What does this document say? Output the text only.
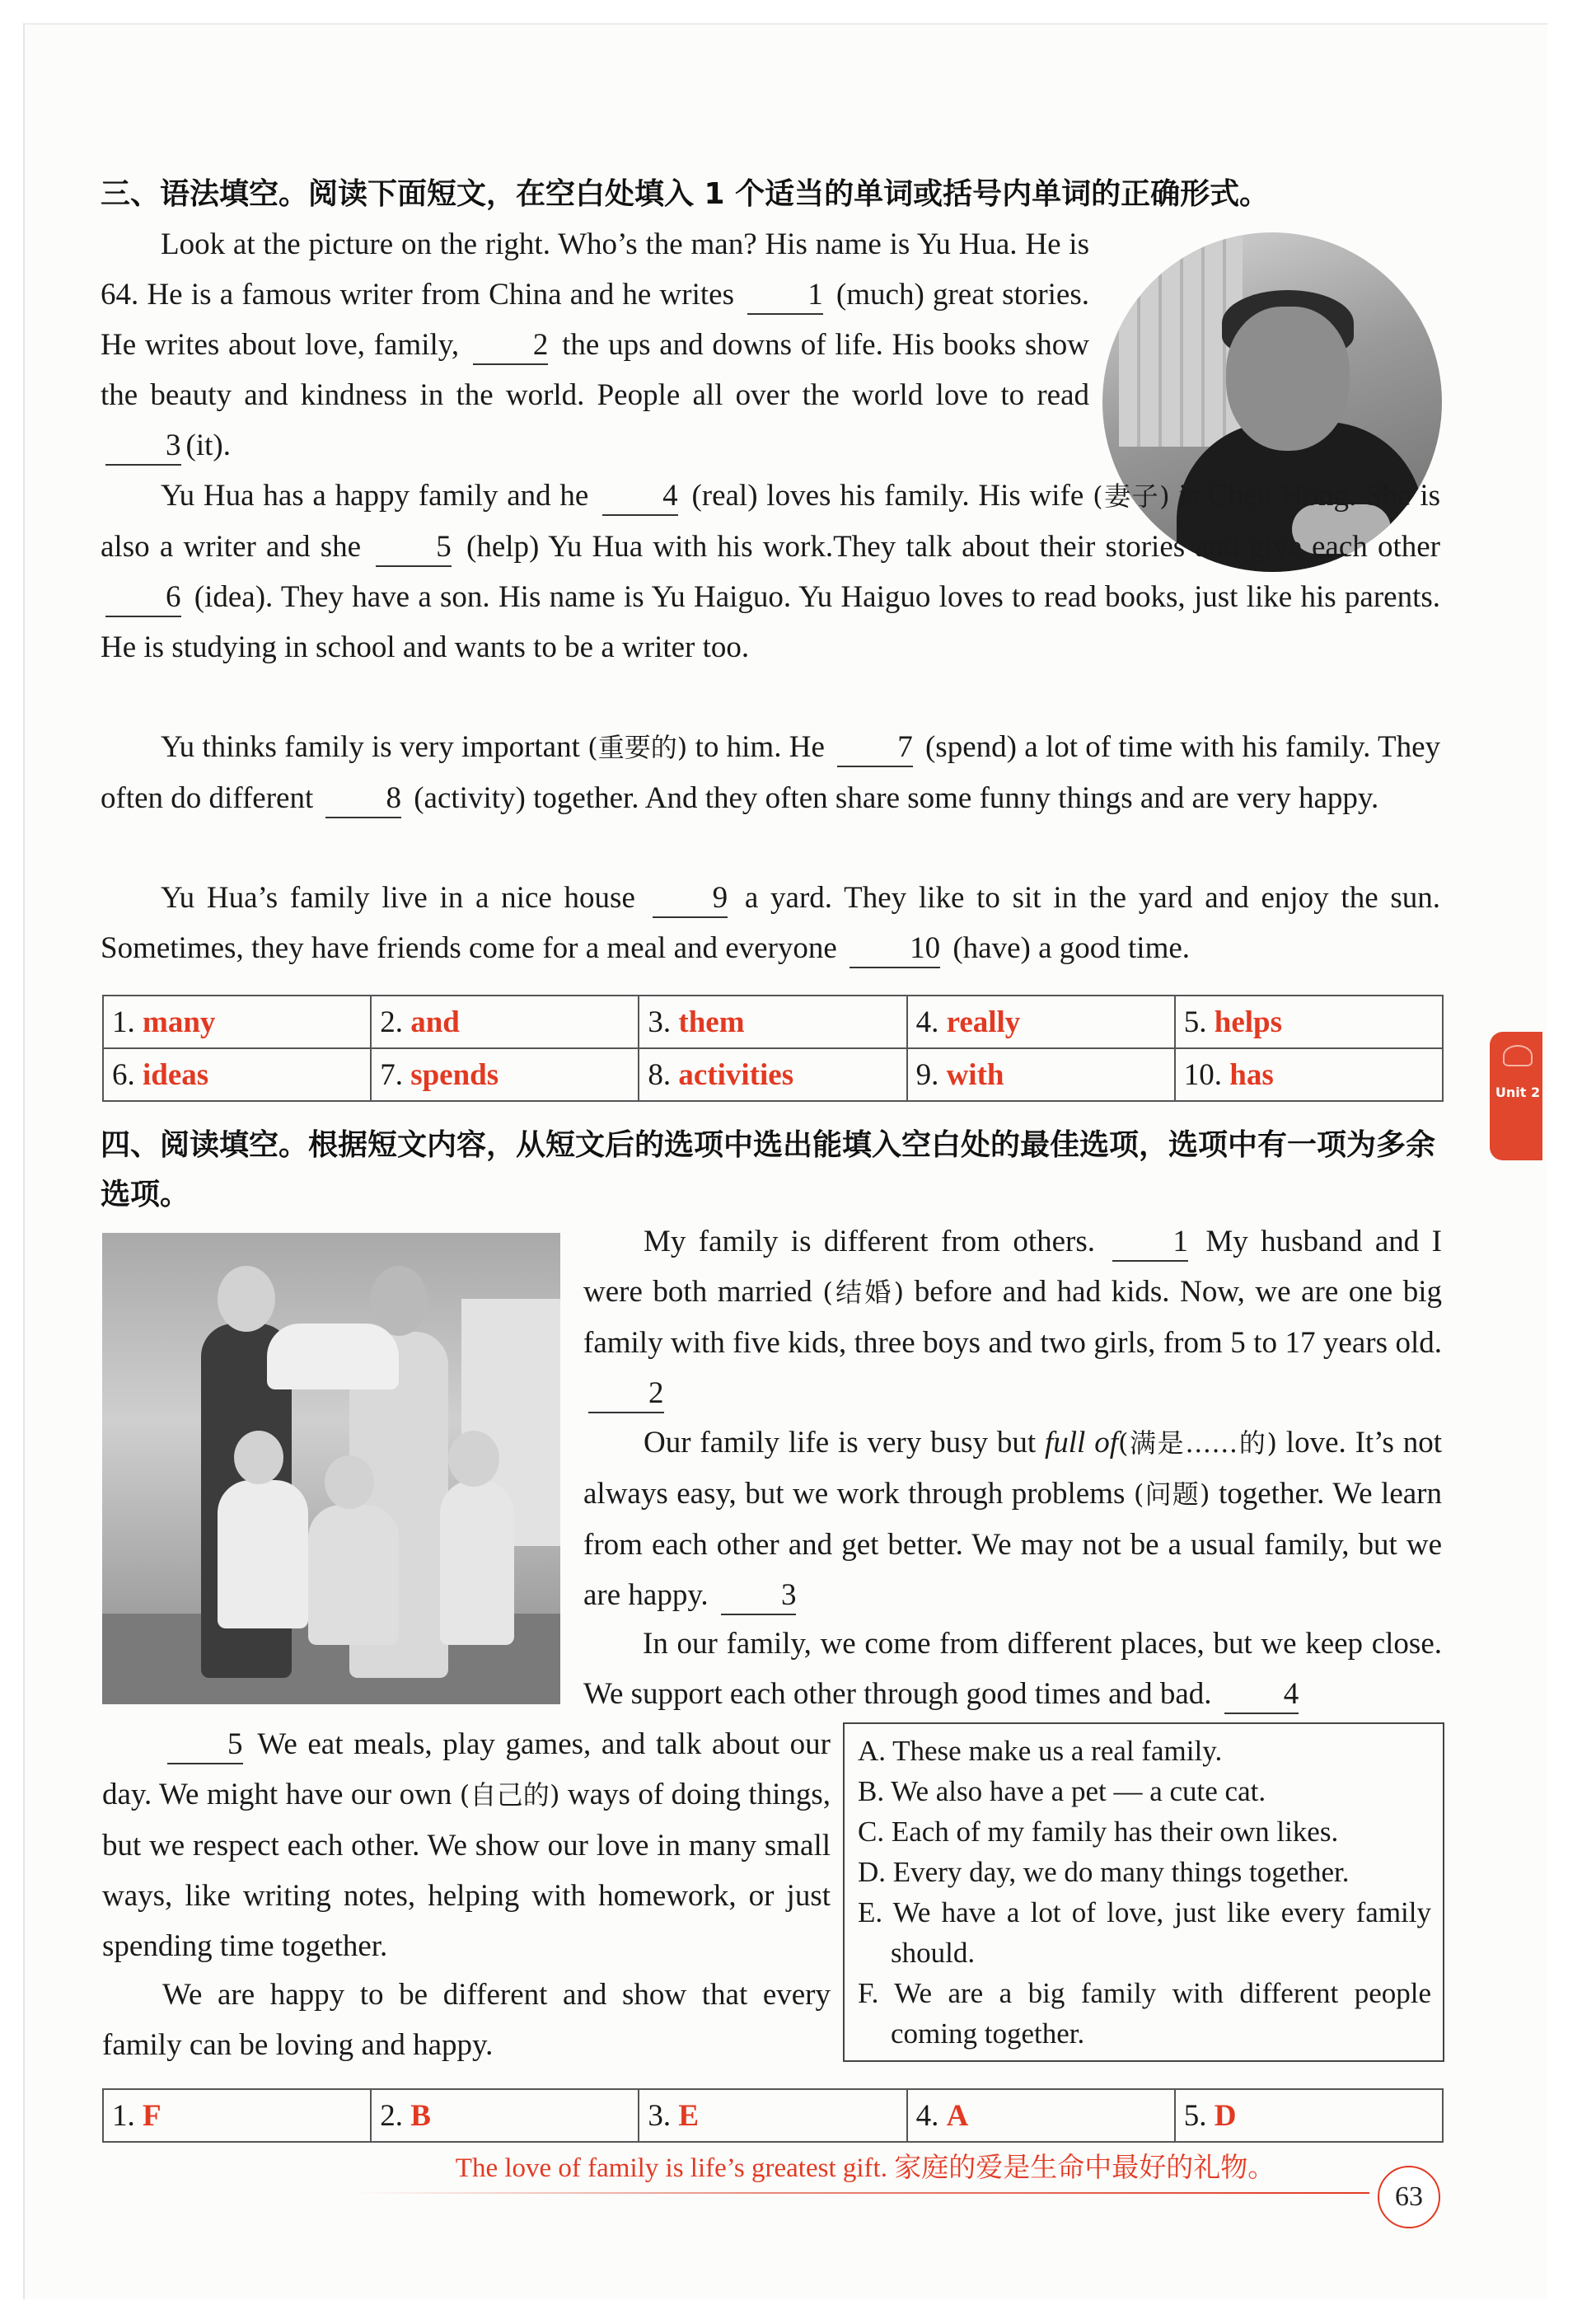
三、语法填空。阅读下面短文，在空白处填入 1 个适当的单词或括号内单词的正确形式。

Look at the picture on the right. Who’s the man? His name is Yu Hua. He is 64. He is a famous writer from China and he writes 1 (much) great stories. He writes about love, family, 2 the ups and downs of life. His books show the beauty and kindness in the world. People all over the world love to read 3 (it).

Yu Hua has a happy family and he 4 (real) loves his family. His wife (妻子) is Chen Hong. She is also a writer and she 5 (help) Yu Hua with his work.They talk about their stories and give each other 6 (idea). They have a son. His name is Yu Haiguo. Yu Haiguo loves to read books, just like his parents. He is studying in school and wants to be a writer too.

Yu thinks family is very important (重要的) to him. He 7 (spend) a lot of time with his family. They often do different 8 (activity) together. And they often share some funny things and are very happy.

Yu Hua’s family live in a nice house	9 a yard. They like to sit in the yard and enjoy the sun. Sometimes, they have friends come for a meal and everyone 10 (have) a good time.

1. many	2. and	3. them	4. really	5. helps
6. ideas	7. spends	8. activities	9. with	10. has
Unit 2
四、阅读填空。根据短文内容，从短文后的选项中选出能填入空白处的最佳选项，选项中有一项为多余选项。

My family is different from others.	1 My husband and I were both married (结婚) before and had kids. Now, we are one big family with five kids, three boys and two girls, from 5 to 17 years old. 2

Our family life is very busy but full of(满是……的) love. It’s not always easy, but we work through problems (问题) together. We learn from each other and get better. We may not be a usual family, but we are happy. 3

In our family, we come from different places, but we keep close. We support each other through good times and bad. 4

5 We eat meals, play games, and talk about our day. We might have our own (自己的) ways of doing things, but we respect each other. We show our love in many small ways, like writing notes, helping with homework, or just spending time together.

We are happy to be different and show that every family can be loving and happy.

A. These make us a real family.

B. We also have a pet — a cute cat.

C. Each of my family has their own likes.

D. Every day, we do many things together.

E. We have a lot of love, just like every family should.

F. We are a big family with different people coming together.

1. F	2. B	3. E	4. A	5. D
The love of family is life’s greatest gift. 家庭的爱是生命中最好的礼物。
63
